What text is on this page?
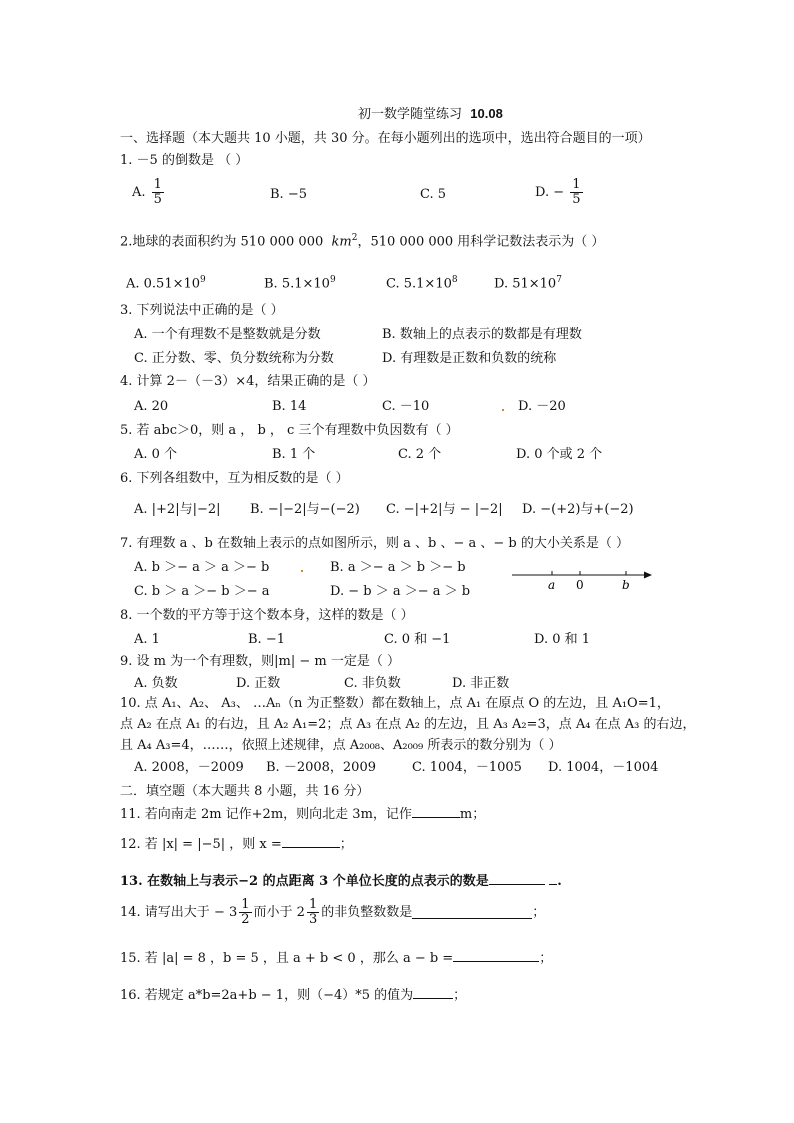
初一数学随堂练习 10.08
一、选择题（本大题共 10 小题，共 30 分。在每小题列出的选项中，选出符合题目的一项）
1. －5 的倒数是 （ ）
A. $\frac{1}{5}$	B. −5	C. 5	D. − $\frac{1}{5}$
2.地球的表面积约为 510 000 000 $km^2$，510 000 000 用科学记数法表示为（ ）
A. $0.51\times 10^9$	B. $5.1\times 10^9$	C. $5.1\times 10^8$	D. $51\times 10^7$
3. 下列说法中正确的是（ ）
A. 一个有理数不是整数就是分数	B. 数轴上的点表示的数都是有理数
C. 正分数、零、负分数统称为分数	D. 有理数是正数和负数的统称
4. 计算 2－（－3）×4，结果正确的是（ ）
A. 20	B. 14	C. －10	D. －20
5. 若 abc＞0，则 a ， b ， c 三个有理数中负因数有（ ）
A. 0 个	B. 1 个	C. 2 个	D. 0 个或 2 个
6. 下列各组数中，互为相反数的是（ ）
A. |+2|与|−2| B. −|−2|与−(−2) C. −|+2|与 − |−2| D. −(+2)与+(−2)
7. 有理数 a 、b 在数轴上表示的点如图所示，则 a 、b 、− a 、− b 的大小关系是（ ）
A. b ＞− a ＞ a ＞− b	B. a ＞− a ＞ b ＞− b
C. b ＞ a ＞− b ＞− a	D. − b ＞ a ＞− a ＞ b	a 0	b
8. 一个数的平方等于这个数本身，这样的数是（ ）
A. 1	B. −1	C. 0 和 −1	D. 0 和 1
9. 设 m 为一个有理数，则|m| − m 一定是（ ）
A. 负数	D. 正数	C. 非负数	D. 非正数
10. 点 A₁、A₂、 A₃、 …Aₙ（n 为正整数）都在数轴上，点 A₁ 在原点 O 的左边，且 A₁O=1，
点 A₂ 在点 A₁ 的右边，且 A₂ A₁=2；点 A₃ 在点 A₂ 的左边，且 A₃ A₂=3，点 A₄ 在点 A₃ 的右边，
且 A₄ A₃=4，……，依照上述规律，点 A₂₀₀₈、A₂₀₀₉ 所表示的数分别为（ ）
A. 2008，－2009 B. －2008，2009	C. 1004，－1005 D. 1004，－1004
二．填空题（本大题共 8 小题，共 16 分）
11. 若向南走 2m 记作+2m，则向北走 3m，记作	m；
12. 若 |x| = |−5| ，则 x =	；
13. 在数轴上与表示−2 的点距离 3 个单位长度的点表示的数是	.
14. 请写出大于 − $3 \frac{1}{2}$ 而小于 $2 \frac{1}{3}$ 的非负整数数是	；
15. 若 |a| = 8 ，b = 5 ，且 a + b < 0 ，那么 a − b =	；
16. 若规定 a*b=2a+b − 1，则（−4）*5 的值为	；
